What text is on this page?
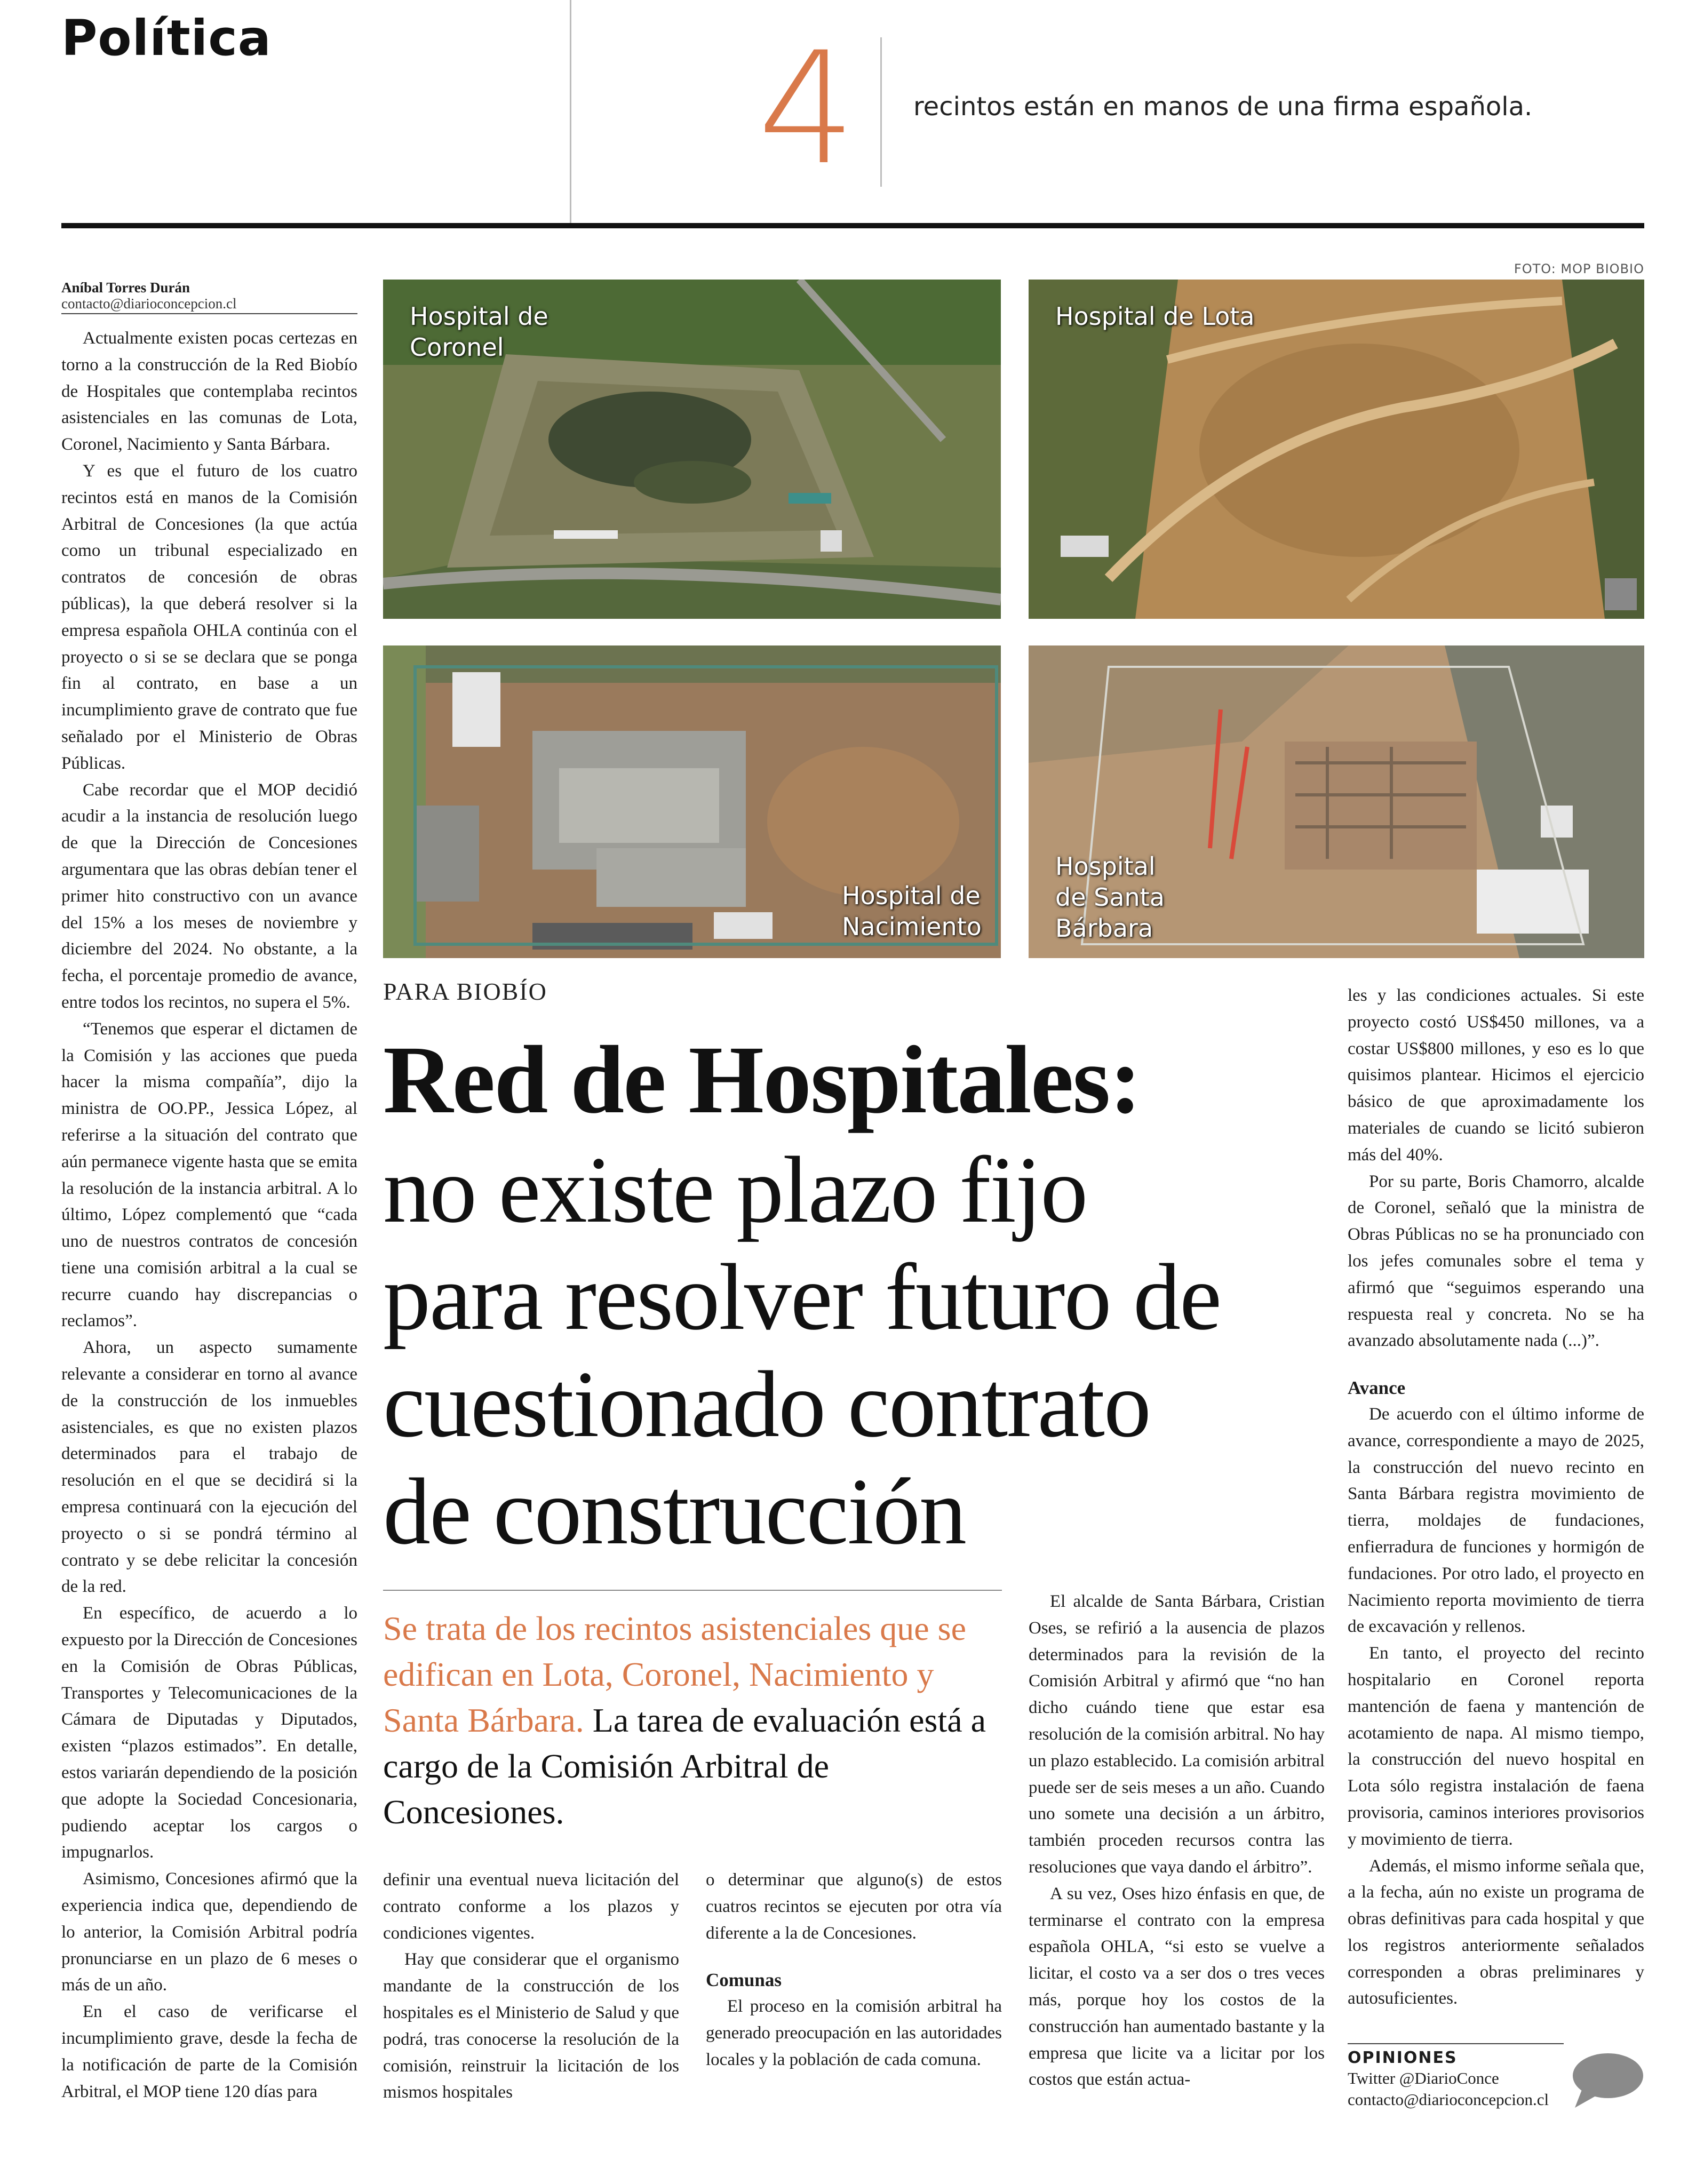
Política	4 recintos están en manos de una firma española.
FOTO: MOP BIOBIO
Hospital de
Coronel
Hospital de Lota
Hospital de
Nacimiento
Hospital
de Santa
Bárbara
Aníbal Torres Durán
contacto@diarioconcepcion.cl

Actualmente existen pocas certezas en torno a la construcción de la Red Biobío de Hospitales que contemplaba recintos asistenciales en las comunas de Lota, Coronel, Nacimiento y Santa Bárbara.

Y es que el futuro de los cuatro recintos está en manos de la Comisión Arbitral de Concesiones (la que actúa como un tribunal especializado en contratos de concesión de obras públicas), la que deberá resolver si la empresa española OHLA continúa con el proyecto o si se se declara que se ponga fin al contrato, en base a un incumplimiento grave de contrato que fue señalado por el Ministerio de Obras Públicas.

Cabe recordar que el MOP decidió acudir a la instancia de resolución luego de que la Dirección de Concesiones argumentara que las obras debían tener el primer hito constructivo con un avance del 15% a los meses de noviembre y diciembre del 2024. No obstante, a la fecha, el porcentaje promedio de avance, entre todos los recintos, no supera el 5%.

“Tenemos que esperar el dictamen de la Comisión y las acciones que pueda hacer la misma compañía”, dijo la ministra de OO.PP., Jessica López, al referirse a la situación del contrato que aún permanece vigente hasta que se emita la resolución de la instancia arbitral. A lo último, López complementó que “cada uno de nuestros contratos de concesión tiene una comisión arbitral a la cual se recurre cuando hay discrepancias o reclamos”.

Ahora, un aspecto sumamente relevante a considerar en torno al avance de la construcción de los inmuebles asistenciales, es que no existen plazos determinados para el trabajo de resolución en el que se decidirá si la empresa continuará con la ejecución del proyecto o si se pondrá término al contrato y se debe relicitar la concesión de la red.

En específico, de acuerdo a lo expuesto por la Dirección de Concesiones en la Comisión de Obras Públicas, Transportes y Telecomunicaciones de la Cámara de Diputadas y Diputados, existen “plazos estimados”. En detalle, estos variarán dependiendo de la posición que adopte la Sociedad Concesionaria, pudiendo aceptar los cargos o impugnarlos.

Asimismo, Concesiones afirmó que la experiencia indica que, dependiendo de lo anterior, la Comisión Arbitral podría pronunciarse en un plazo de 6 meses o más de un año.

En el caso de verificarse el incumplimiento grave, desde la fecha de la notificación de parte de la Comisión Arbitral, el MOP tiene 120 días para

PARA BIOBÍO
Red de Hospitales:
no existe plazo fijo
para resolver futuro de
cuestionado contrato
de construcción
Se trata de los recintos asistenciales que se edifican en Lota, Coronel, Nacimiento y Santa Bárbara. La tarea de evaluación está a cargo de la Comisión Arbitral de Concesiones.

definir una eventual nueva licitación del contrato conforme a los plazos y condiciones vigentes.

Hay que considerar que el organismo mandante de la construcción de los hospitales es el Ministerio de Salud y que podrá, tras conocerse la resolución de la comisión, reinstruir la licitación de los mismos hospitales

o determinar que alguno(s) de estos cuatros recintos se ejecuten por otra vía diferente a la de Concesiones.

Comunas

El proceso en la comisión arbitral ha generado preocupación en las autoridades locales y la población de cada comuna.

El alcalde de Santa Bárbara, Cristian Oses, se refirió a la ausencia de plazos determinados para la revisión de la Comisión Arbitral y afirmó que “no han dicho cuándo tiene que estar esa resolución de la comisión arbitral. No hay un plazo establecido. La comisión arbitral puede ser de seis meses a un año. Cuando uno somete una decisión a un árbitro, también proceden recursos contra las resoluciones que vaya dando el árbitro”.

A su vez, Oses hizo énfasis en que, de terminarse el contrato con la empresa española OHLA, “si esto se vuelve a licitar, el costo va a ser dos o tres veces más, porque hoy los costos de la construcción han aumentado bastante y la empresa que licite va a licitar por los costos que están actua-

les y las condiciones actuales. Si este proyecto costó US$450 millones, va a costar US$800 millones, y eso es lo que quisimos plantear. Hicimos el ejercicio básico de que aproximadamente los materiales de cuando se licitó subieron más del 40%.

Por su parte, Boris Chamorro, alcalde de Coronel, señaló que la ministra de Obras Públicas no se ha pronunciado con los jefes comunales sobre el tema y afirmó que “seguimos esperando una respuesta real y concreta. No se ha avanzado absolutamente nada (...)”.

Avance

De acuerdo con el último informe de avance, correspondiente a mayo de 2025, la construcción del nuevo recinto en Santa Bárbara registra movimiento de tierra, moldajes de fundaciones, enfierradura de funciones y hormigón de fundaciones. Por otro lado, el proyecto en Nacimiento reporta movimiento de tierra de excavación y rellenos.

En tanto, el proyecto del recinto hospitalario en Coronel reporta mantención de faena y mantención de acotamiento de napa. Al mismo tiempo, la construcción del nuevo hospital en Lota sólo registra instalación de faena provisoria, caminos interiores provisorios y movimiento de tierra.

Además, el mismo informe señala que, a la fecha, aún no existe un programa de obras definitivas para cada hospital y que los registros anteriormente señalados corresponden a obras preliminares y autosuficientes.

OPINIONES
Twitter @DiarioConce
contacto@diarioconcepcion.cl
